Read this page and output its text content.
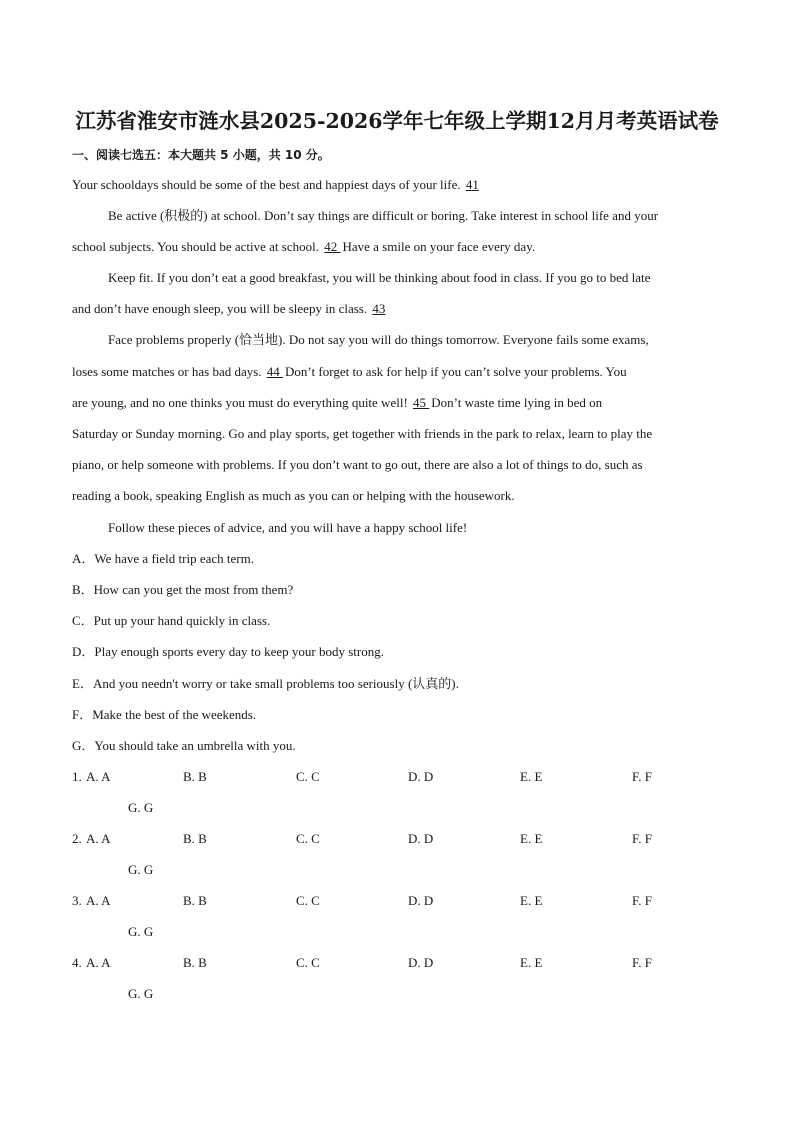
江苏省淮安市涟水县2025-2026学年七年级上学期12月月考英语试卷
一、阅读七选五：本大题共 5 小题，共 10 分。
Your schooldays should be some of the best and happiest days of your life. 41
Be active (积极的) at school. Don’t say things are difficult or boring. Take interest in school life and your
school subjects. You should be active at school. 42 Have a smile on your face every day.
Keep fit. If you don’t eat a good breakfast, you will be thinking about food in class. If you go to bed late
and don’t have enough sleep, you will be sleepy in class. 43
Face problems properly (恰当地). Do not say you will do things tomorrow. Everyone fails some exams,
loses some matches or has bad days. 44 Don’t forget to ask for help if you can’t solve your problems. You
are young, and no one thinks you must do everything quite well! 45 Don’t waste time lying in bed on
Saturday or Sunday morning. Go and play sports, get together with friends in the park to relax, learn to play the
piano, or help someone with problems. If you don’t want to go out, there are also a lot of things to do, such as
reading a book, speaking English as much as you can or helping with the housework.
Follow these pieces of advice, and you will have a happy school life!
A．We have a field trip each term.
B．How can you get the most from them?
C．Put up your hand quickly in class.
D．Play enough sports every day to keep your body strong.
E．And you needn't worry or take small problems too seriously (认真的).
F．Make the best of the weekends.
G．You should take an umbrella with you.
1. A. A	B. B	C. C	D. D	E. E	F. F
G. G
2. A. A	B. B	C. C	D. D	E. E	F. F
G. G
3. A. A	B. B	C. C	D. D	E. E	F. F
G. G
4. A. A	B. B	C. C	D. D	E. E	F. F
G. G
